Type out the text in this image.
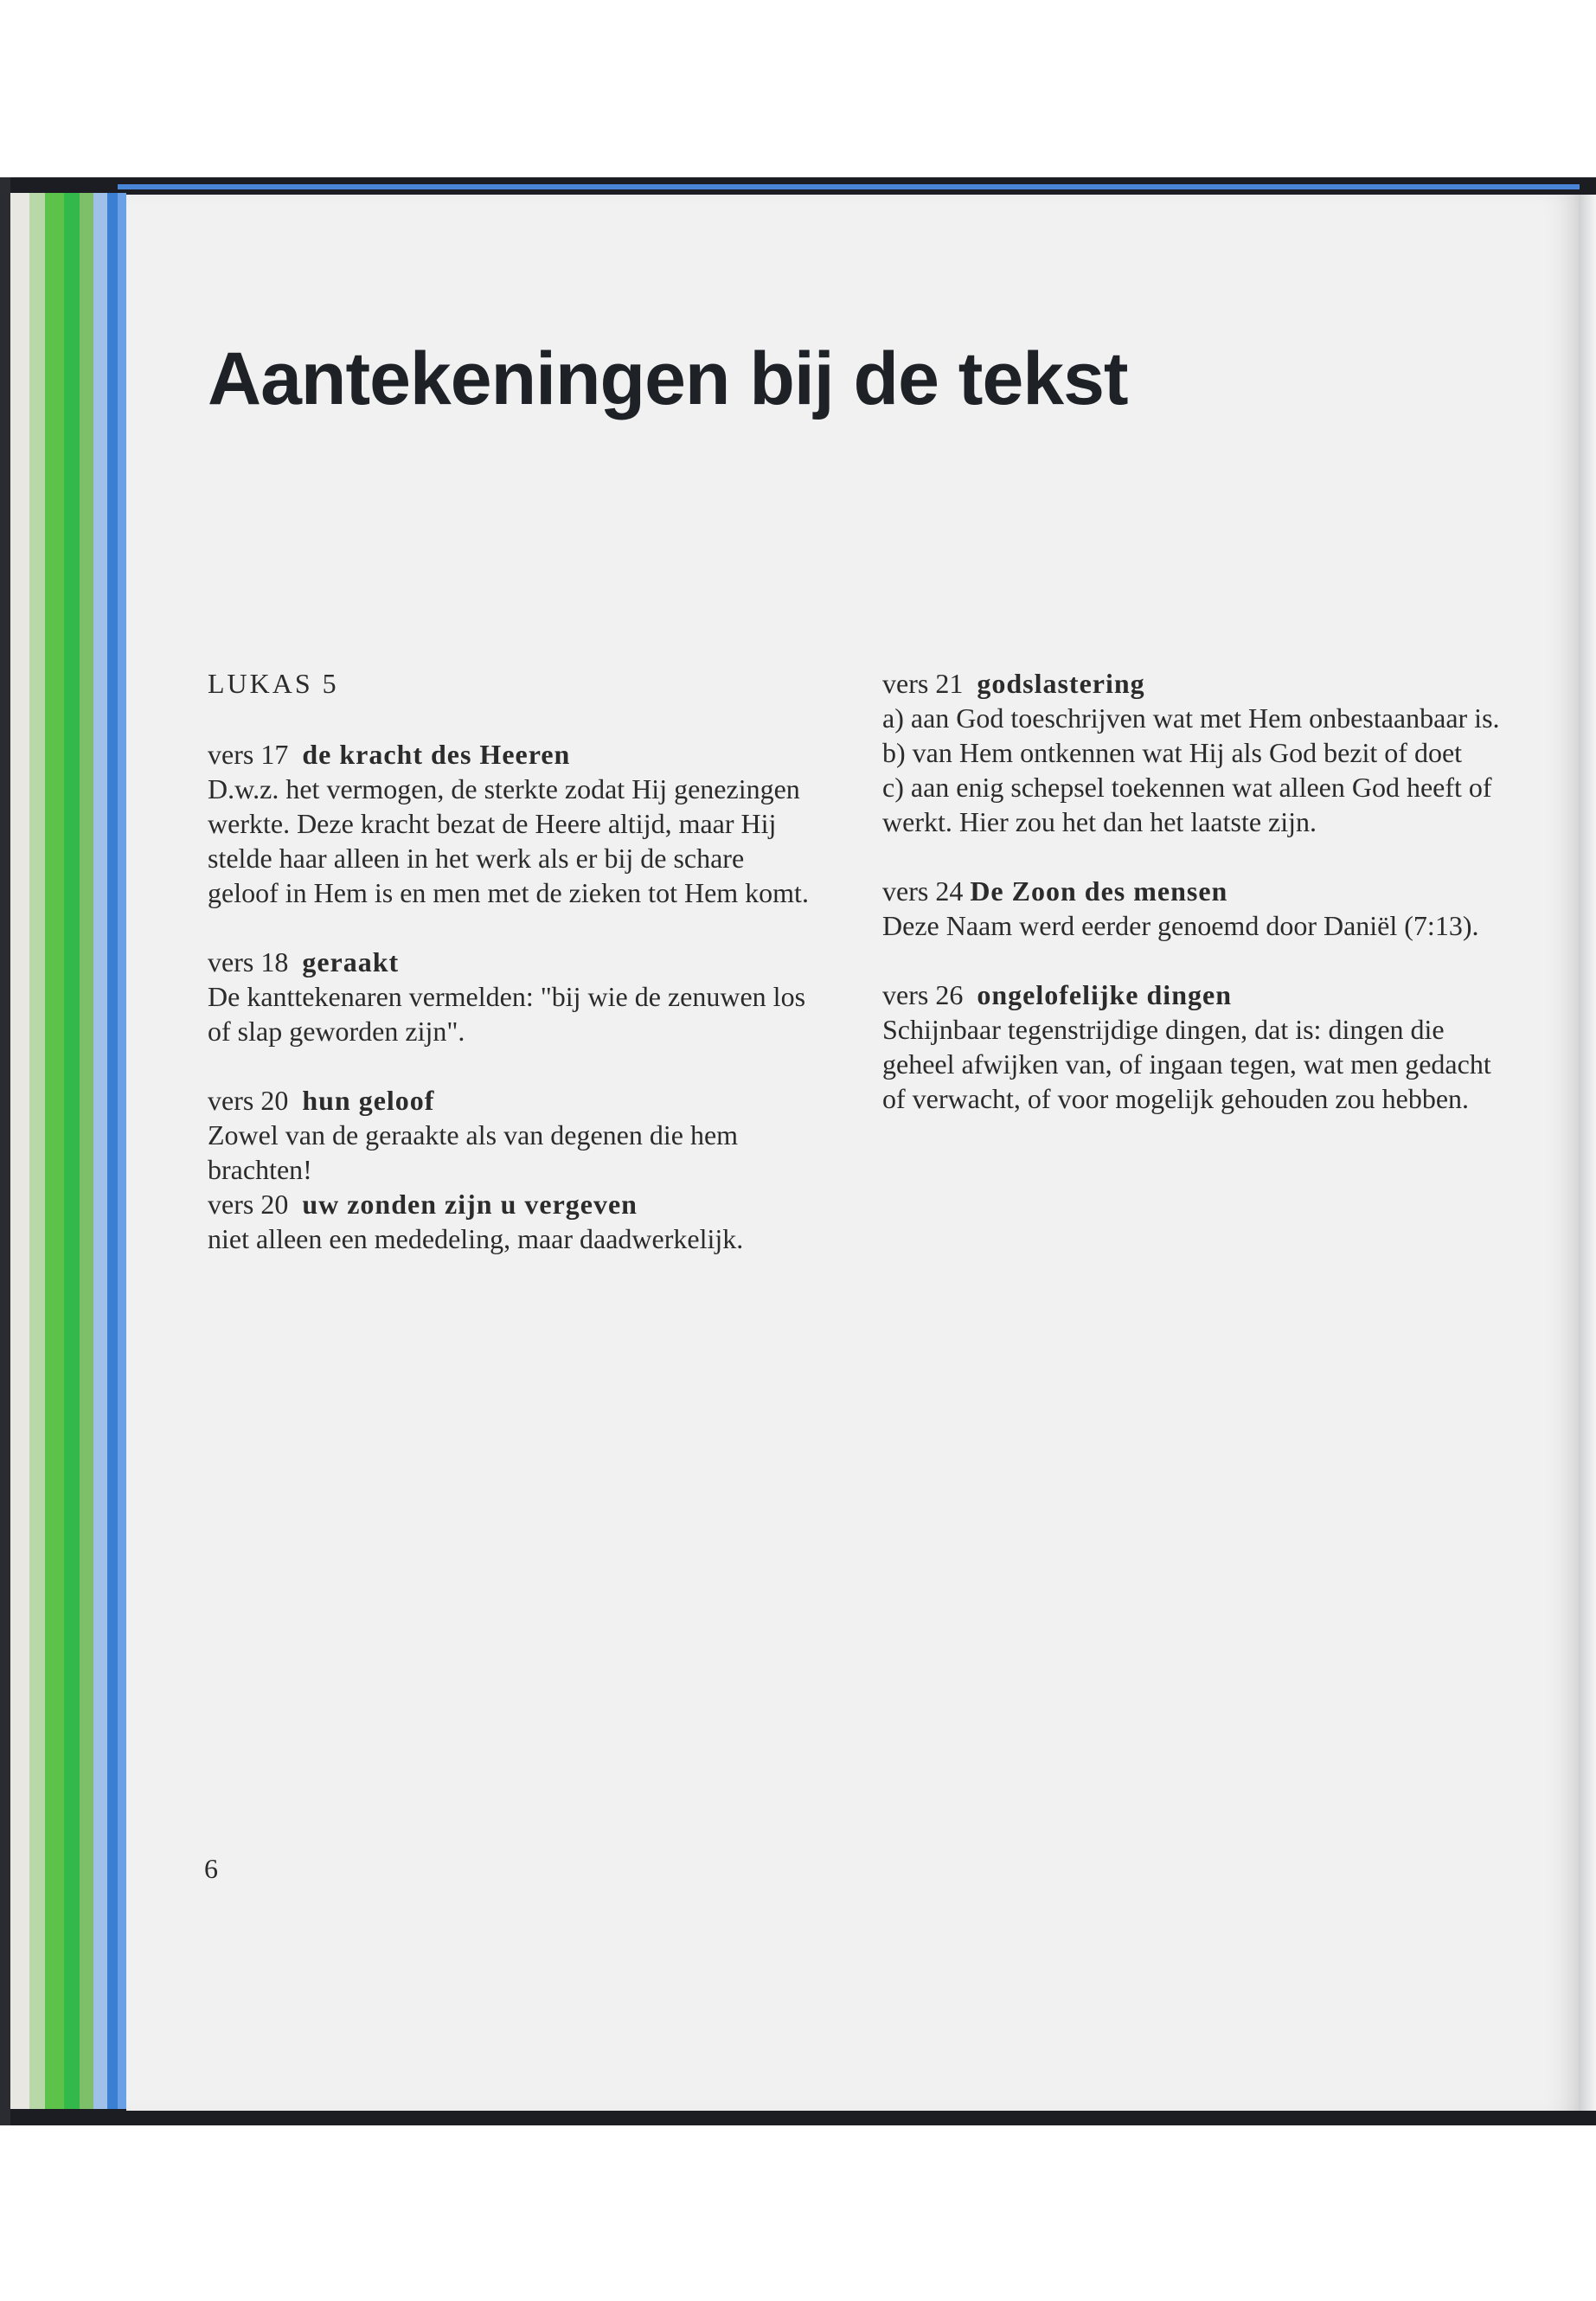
Aantekeningen bij de tekst

LUKAS 5

vers 17 de kracht des Heeren

D.w.z. het vermogen, de sterkte zodat Hij genezingen werkte. Deze kracht bezat de Heere altijd, maar Hij stelde haar alleen in het werk als er bij de schare geloof in Hem is en men met de zieken tot Hem komt.

vers 18 geraakt

De kanttekenaren vermelden: "bij wie de zenuwen los of slap geworden zijn".

vers 20 hun geloof

Zowel van de geraakte als van degenen die hem brachten!

vers 20 uw zonden zijn u vergeven

niet alleen een mededeling, maar daadwerkelijk.

vers 21 godslastering

a) aan God toeschrijven wat met Hem onbestaanbaar is.
b) van Hem ontkennen wat Hij als God bezit of doet
c) aan enig schepsel toekennen wat alleen God heeft of werkt. Hier zou het dan het laatste zijn.

vers 24 De Zoon des mensen

Deze Naam werd eerder genoemd door Daniël (7:13).

vers 26 ongelofelijke dingen

Schijnbaar tegenstrijdige dingen, dat is: dingen die geheel afwijken van, of ingaan tegen, wat men gedacht of verwacht, of voor mogelijk gehouden zou hebben.

6
